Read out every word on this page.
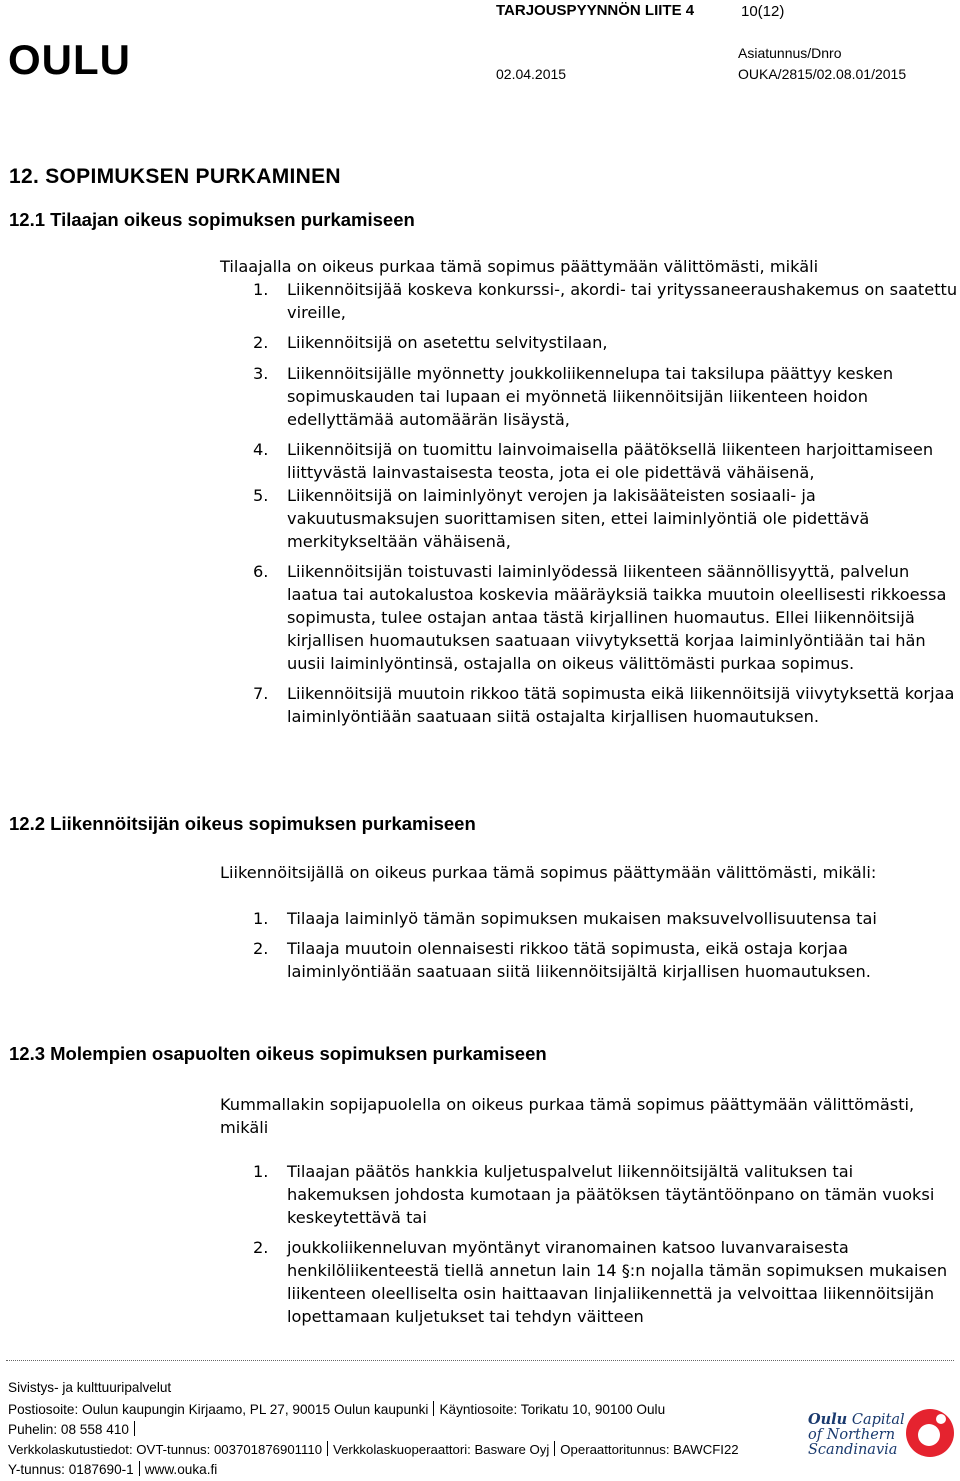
OULU
TARJOUSPYYNNÖN LIITE 4	10(12)
Asiatunnus/Dnro
02.04.2015	OUKA/2815/02.08.01/2015
12. SOPIMUKSEN PURKAMINEN
12.1 Tilaajan oikeus sopimuksen purkamiseen
Tilaajalla on oikeus purkaa tämä sopimus päättymään välittömästi, mikäli
1. Liikennöitsijää koskeva konkurssi-, akordi- tai yrityssaneeraushakemus on saatettu vireille,
2. Liikennöitsijä on asetettu selvitystilaan,
3. Liikennöitsijälle myönnetty joukkoliikennelupa tai taksilupa päättyy kesken sopimuskauden tai lupaan ei myönnetä liikennöitsijän liikenteen hoidon edellyttämää automäärän lisäystä,
4. Liikennöitsijä on tuomittu lainvoimaisella päätöksellä liikenteen harjoittamiseen liittyvästä lainvastaisesta teosta, jota ei ole pidettävä vähäisenä,
5. Liikennöitsijä on laiminlyönyt verojen ja lakisääteisten sosiaali- ja vakuutusmaksujen suorittamisen siten, ettei laiminlyöntiä ole pidettävä merkitykseltään vähäisenä,
6. Liikennöitsijän toistuvasti laiminlyödessä liikenteen säännöllisyyttä, palvelun laatua tai autokalustoa koskevia määräyksiä taikka muutoin oleellisesti rikkoessa sopimusta, tulee ostajan antaa tästä kirjallinen huomautus. Ellei liikennöitsijä kirjallisen huomautuksen saatuaan viivytyksettä korjaa laiminlyöntiään tai hän uusii laiminlyöntinsä, ostajalla on oikeus välittömästi purkaa sopimus.
7. Liikennöitsijä muutoin rikkoo tätä sopimusta eikä liikennöitsijä viivytyksettä korjaa laiminlyöntiään saatuaan siitä ostajalta kirjallisen huomautuksen.
12.2 Liikennöitsijän oikeus sopimuksen purkamiseen
Liikennöitsijällä on oikeus purkaa tämä sopimus päättymään välittömästi, mikäli:
1. Tilaaja laiminlyö tämän sopimuksen mukaisen maksuvelvollisuutensa tai
2. Tilaaja muutoin olennaisesti rikkoo tätä sopimusta, eikä ostaja korjaa laiminlyöntiään saatuaan siitä liikennöitsijältä kirjallisen huomautuksen.
12.3 Molempien osapuolten oikeus sopimuksen purkamiseen
Kummallakin sopijapuolella on oikeus purkaa tämä sopimus päättymään välittömästi, mikäli
1. Tilaajan päätös hankkia kuljetuspalvelut liikennöitsijältä valituksen tai hakemuksen johdosta kumotaan ja päätöksen täytäntöönpano on tämän vuoksi keskeytettävä tai
2. joukkoliikenneluvan myöntänyt viranomainen katsoo luvanvaraisesta henkilöliikenteestä tiellä annetun lain 14 §:n nojalla tämän sopimuksen mukaisen liikenteen oleelliselta osin haittaavan linjaliikennettä ja velvoittaa liikennöitsijän lopettamaan kuljetukset tai tehdyn väitteen
Sivistys- ja kulttuuripalvelut
Postiosoite: Oulun kaupungin Kirjaamo, PL 27, 90015 Oulun kaupunki Käyntiosoite: Torikatu 10, 90100 Oulu
Puhelin: 08 558 410
Verkkolaskutustiedot: OVT-tunnus: 003701876901110 Verkkolaskuoperaattori: Basware Oyj Operaattoritunnus: BAWCFI22
Y-tunnus: 0187690-1 www.ouka.fi
Oulu Capital
of Northern
Scandinavia
